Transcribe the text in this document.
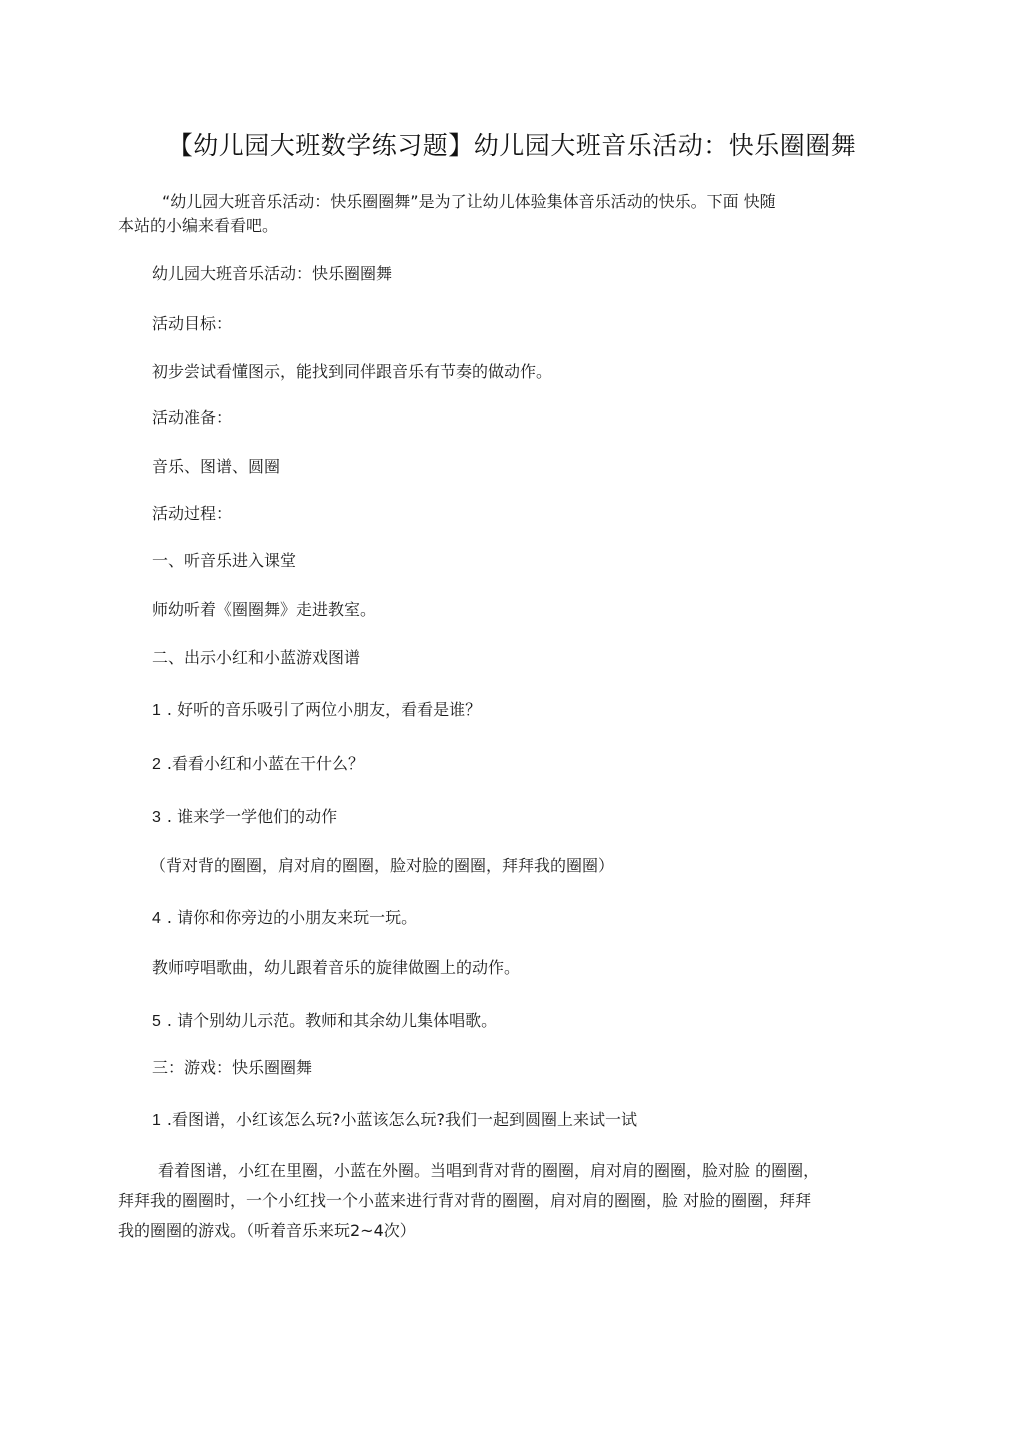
【幼儿园大班数学练习题】幼儿园大班音乐活动：快乐圈圈舞
“幼儿园大班音乐活动：快乐圈圈舞”是为了让幼儿体验集体音乐活动的快乐。下面 快随
本站的小编来看看吧。
幼儿园大班音乐活动：快乐圈圈舞
活动目标：
初步尝试看懂图示，能找到同伴跟音乐有节奏的做动作。
活动准备：
音乐、图谱、圆圈
活动过程：
一、听音乐进入课堂
师幼听着《圈圈舞》走进教室。
二、出示小红和小蓝游戏图谱
1 . 好听的音乐吸引了两位小朋友，看看是谁？
2 .看看小红和小蓝在干什么？
3 . 谁来学一学他们的动作
（背对背的圈圈，肩对肩的圈圈，脸对脸的圈圈，拜拜我的圈圈）
4 . 请你和你旁边的小朋友来玩一玩。
教师哼唱歌曲，幼儿跟着音乐的旋律做圈上的动作。
5 . 请个别幼儿示范。教师和其余幼儿集体唱歌。
三：游戏：快乐圈圈舞
1 .看图谱，小红该怎么玩?小蓝该怎么玩?我们一起到圆圈上来试一试
看着图谱，小红在里圈，小蓝在外圈。当唱到背对背的圈圈，肩对肩的圈圈，脸对脸 的圈圈，
拜拜我的圈圈时，一个小红找一个小蓝来进行背对背的圈圈，肩对肩的圈圈，脸 对脸的圈圈，拜拜
我的圈圈的游戏。（听着音乐来玩2~4次）
